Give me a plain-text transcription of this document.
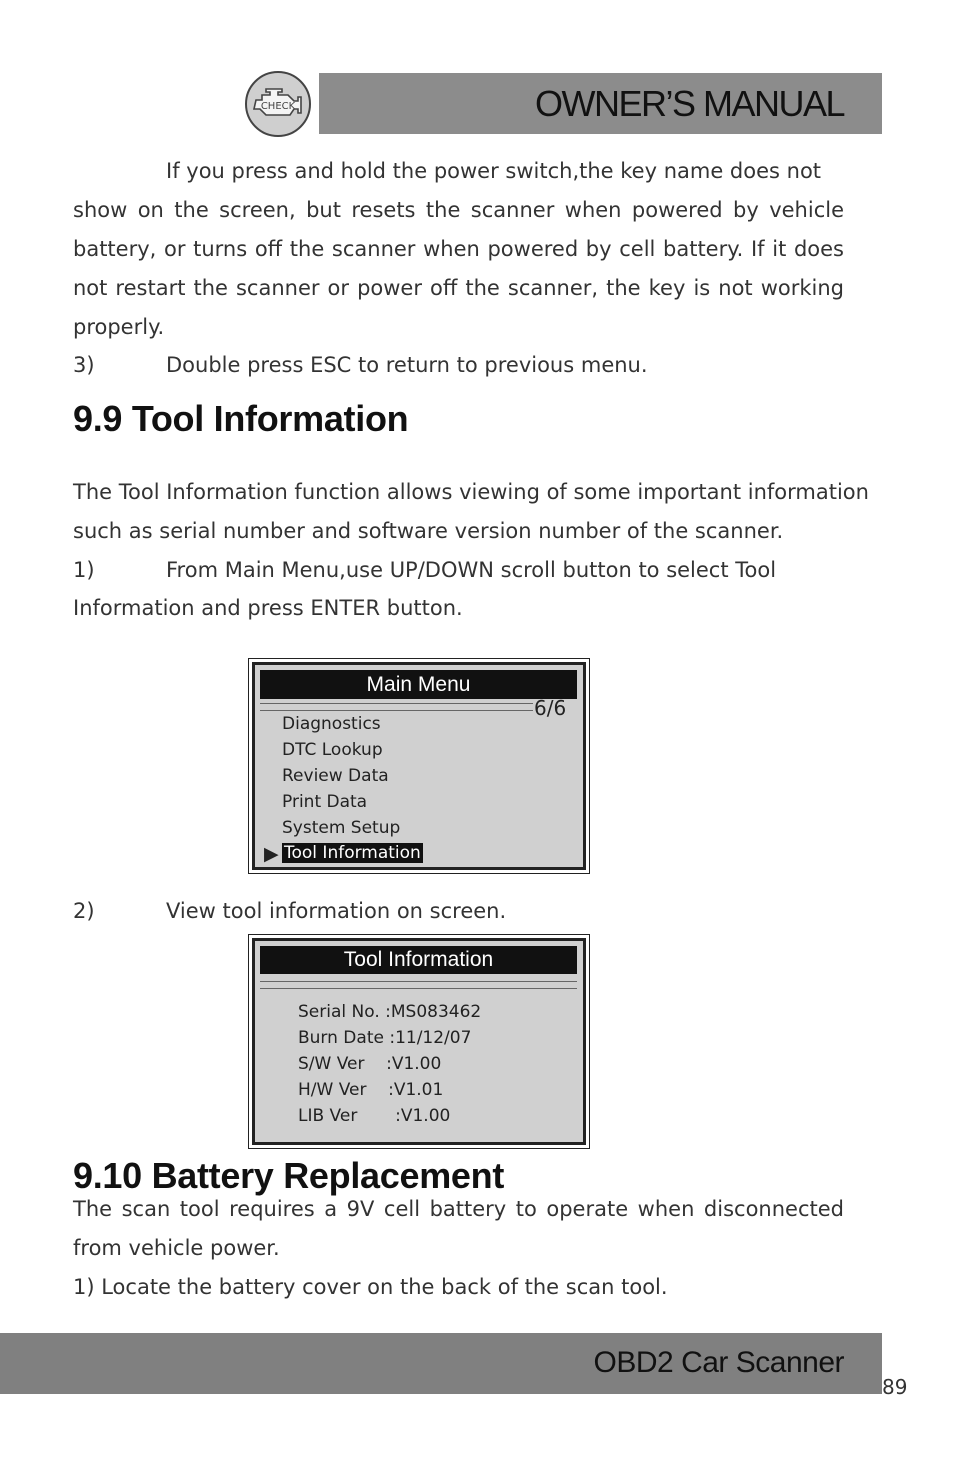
CHECK	OWNER’S MANUAL
If you press and hold the power switch,the key name does not
show on the screen, but resets the scanner when powered by vehicle
battery, or turns off the scanner when powered by cell battery. If it does
not restart the scanner or power off the scanner, the key is not working
properly.
3)	Double press ESC to return to previous menu.
9.9 Tool Information
The Tool Information function allows viewing of some important information
such as serial number and software version number of the scanner.
1)	From Main Menu,use UP/DOWN scroll button to select Tool
Information and press ENTER button.
Main Menu
6/6
Diagnostics
DTC Lookup
Review Data
Print Data
System Setup
▶ Tool Information
2)	View tool information on screen.
Tool Information
Serial No. :MS083462
Burn Date :11/12/07
S/W Ver    :V1.00
H/W Ver    :V1.01
LIB Ver       :V1.00
9.10 Battery Replacement
The scan tool requires a 9V cell battery to operate when disconnected
from vehicle power.
1) Locate the battery cover on the back of the scan tool.
OBD2 Car Scanner
89
